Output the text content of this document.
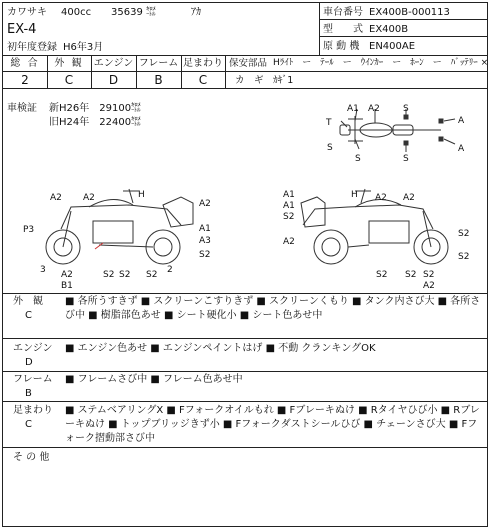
カワサキ 400cc 35639 ㌖	ｱｶ
EX-4
初年度登録 H6年3月
車台番号 EX400B-000113
型　　式 EX400B
原 動 機 EN400AE
総 合	外 観	エンジン フレーム 足まわり
2	C	D	B	C
保安部品 Hﾗｲﾄ　ー　ﾃｰﾙ　ー　ｳｲﾝｶｰ　ー　ﾎｰﾝ　ー　ﾊﾞｯﾃﾘｰ ×
カ　ギ　ｶｷﾞ1
車検証 新H26年　29100㌖
旧H24年　22400㌖
A1 A2	S
T	A
S	A
S	S
A2 A2	H
A2
A1
A3
S2
P3
S2 S2 S2 2
3 A2
B1
H A2 A2
A1
A1
S2
A2
S2
S2
S2 S2 S2
A2
外　観
C
■ 各所うすきず ■ スクリーンこすりきず ■ スクリーンくもり ■ タンク内さび大 ■ 各所さび中 ■ 樹脂部色あせ ■ シート硬化小 ■ シート色あせ中
エンジン
D
■ エンジン色あせ ■ エンジンペイントはげ ■ 不動 クランキングOK
フレーム
B
■ フレームさび中 ■ フレーム色あせ中
足まわり
C
■ ステムベアリングX ■ Fフォークオイルもれ ■ Fブレーキぬけ ■ Rタイヤひび小 ■ Rブレーキぬけ ■ トップブリッジきず小 ■ Fフォークダストシールひび ■ チェーンさび大 ■ Fフォーク摺動部さび中
そ の 他
